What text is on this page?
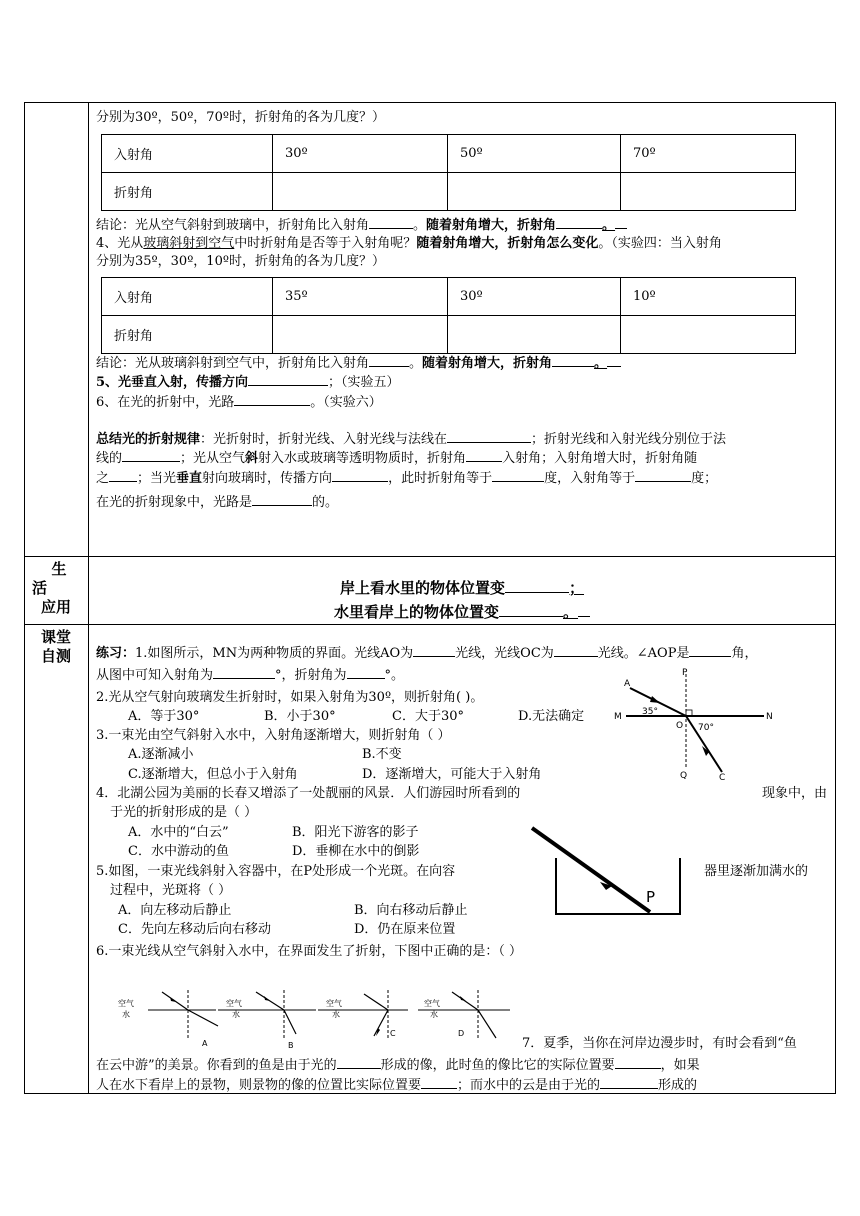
生
活
应用
课堂
自测
分别为30º，50º，70º时，折射角的各为几度？）
入射角	30º	50º	70º
折射角			
结论：光从空气斜射到玻璃中，折射角比入射角	。随着射角增大，折射角	。
4、光从玻璃斜射到空气中时折射角是否等于入射角呢？随着射角增大，折射角怎么变化。（实验四：当入射角
分别为35º，30º，10º时，折射角的各为几度？）
入射角	35º	30º	10º
折射角			
结论：光从玻璃斜射到空气中，折射角比入射角	。随着射角增大，折射角	。
5、光垂直入射，传播方向	；（实验五）
6、在光的折射中，光路	。（实验六）
总结光的折射规律：光折射时，折射光线、入射光线与法线在	；折射光线和入射光线分别位于法
线的	；光从空气斜射入水或玻璃等透明物质时，折射角	入射角；入射角增大时，折射角随
之 ；当光垂直射向玻璃时，传播方向	，此时折射角等于	度，入射角等于	度；
在光的折射现象中，光路是	的。
岸上看水里的物体位置变	；
水里看岸上的物体位置变	。
练习：1.如图所示，MN为两种物质的界面。光线AO为	光线，光线OC为	光线。∠AOP是	角，
从图中可知入射角为	°，折射角为	°。
A
P
M	N
O
Q	C
35°
70°
2.光从空气射向玻璃发生折射时，如果入射角为30º，则折射角( )。
A．等于30°	B．小于30°	C．大于30°	D.无法确定
3.一束光由空气斜射入水中，入射角逐渐增大，则折射角（ ）
A.逐渐减小	B.不变
C.逐渐增大，但总小于入射角	D．逐渐增大，可能大于入射角
4．北湖公园为美丽的长春又增添了一处靓丽的风景．人们游园时所看到的	现象中，由
于光的折射形成的是（ ）
A．水中的“白云”	B．阳光下游客的影子
C．水中游动的鱼	D．垂柳在水中的倒影
P
5.如图，一束光线斜射入容器中，在P处形成一个光斑。在向容	器里逐渐加满水的
过程中，光斑将（ ）
A．向左移动后静止	B．向右移动后静止
C．先向左移动后向右移动	D．仍在原来位置
6.一束光线从空气斜射入水中，在界面发生了折射，下图中正确的是：（ ）
空气
水
A
空气
水
B
空气
水
C
空气
水
D
7．夏季，当你在河岸边漫步时，有时会看到“鱼
在云中游”的美景。你看到的鱼是由于光的	形成的像，此时鱼的像比它的实际位置要	，如果
人在水下看岸上的景物，则景物的像的位置比实际位置要	；而水中的云是由于光的	形成的
